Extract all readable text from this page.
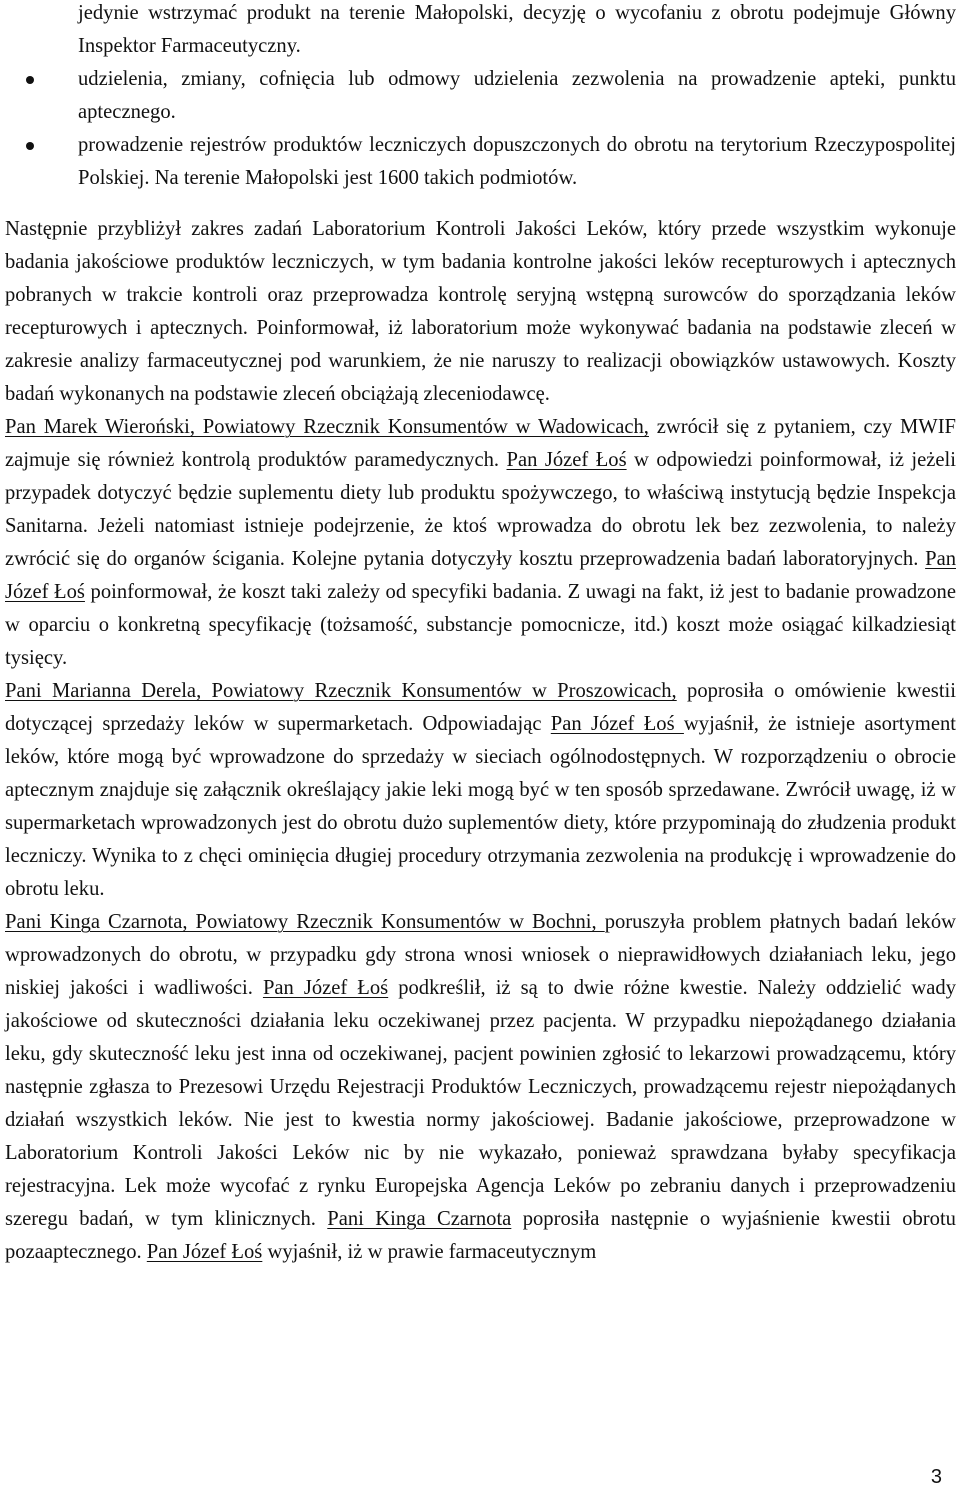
jedynie wstrzymać produkt na terenie Małopolski, decyzję o wycofaniu z obrotu podejmuje Główny Inspektor Farmaceutyczny.
udzielenia, zmiany, cofnięcia lub odmowy udzielenia zezwolenia na prowadzenie apteki, punktu aptecznego.
prowadzenie rejestrów produktów leczniczych dopuszczonych do obrotu na terytorium Rzeczypospolitej Polskiej. Na terenie Małopolski jest 1600 takich podmiotów.

Następnie przybliżył zakres zadań Laboratorium Kontroli Jakości Leków, który przede wszystkim wykonuje badania jakościowe produktów leczniczych, w tym badania kontrolne jakości leków recepturowych i aptecznych pobranych w trakcie kontroli oraz przeprowadza kontrolę seryjną wstępną surowców do sporządzania leków recepturowych i aptecznych. Poinformował, iż laboratorium może wykonywać badania na podstawie zleceń w zakresie analizy farmaceutycznej pod warunkiem, że nie naruszy to realizacji obowiązków ustawowych. Koszty badań wykonanych na podstawie zleceń obciążają zleceniodawcę.

Pan Marek Wieroński, Powiatowy Rzecznik Konsumentów w Wadowicach, zwrócił się z pytaniem, czy MWIF zajmuje się również kontrolą produktów paramedycznych. Pan Józef Łoś w odpowiedzi poinformował, iż jeżeli przypadek dotyczyć będzie suplementu diety lub produktu spożywczego, to właściwą instytucją będzie Inspekcja Sanitarna. Jeżeli natomiast istnieje podejrzenie, że ktoś wprowadza do obrotu lek bez zezwolenia, to należy zwrócić się do organów ścigania. Kolejne pytania dotyczyły kosztu przeprowadzenia badań laboratoryjnych. Pan Józef Łoś poinformował, że koszt taki zależy od specyfiki badania. Z uwagi na fakt, iż jest to badanie prowadzone w oparciu o konkretną specyfikację (tożsamość, substancje pomocnicze, itd.) koszt może osiągać kilkadziesiąt tysięcy.

Pani Marianna Derela, Powiatowy Rzecznik Konsumentów w Proszowicach, poprosiła o omówienie kwestii dotyczącej sprzedaży leków w supermarketach. Odpowiadając Pan Józef Łoś wyjaśnił, że istnieje asortyment leków, które mogą być wprowadzone do sprzedaży w sieciach ogólnodostępnych. W rozporządzeniu o obrocie aptecznym znajduje się załącznik określający jakie leki mogą być w ten sposób sprzedawane. Zwrócił uwagę, iż w supermarketach wprowadzonych jest do obrotu dużo suplementów diety, które przypominają do złudzenia produkt leczniczy. Wynika to z chęci ominięcia długiej procedury otrzymania zezwolenia na produkcję i wprowadzenie do obrotu leku.

Pani Kinga Czarnota, Powiatowy Rzecznik Konsumentów w Bochni, poruszyła problem płatnych badań leków wprowadzonych do obrotu, w przypadku gdy strona wnosi wniosek o nieprawidłowych działaniach leku, jego niskiej jakości i wadliwości. Pan Józef Łoś podkreślił, iż są to dwie różne kwestie. Należy oddzielić wady jakościowe od skuteczności działania leku oczekiwanej przez pacjenta. W przypadku niepożądanego działania leku, gdy skuteczność leku jest inna od oczekiwanej, pacjent powinien zgłosić to lekarzowi prowadzącemu, który następnie zgłasza to Prezesowi Urzędu Rejestracji Produktów Leczniczych, prowadzącemu rejestr niepożądanych działań wszystkich leków. Nie jest to kwestia normy jakościowej. Badanie jakościowe, przeprowadzone w Laboratorium Kontroli Jakości Leków nic by nie wykazało, ponieważ sprawdzana byłaby specyfikacja rejestracyjna. Lek może wycofać z rynku Europejska Agencja Leków po zebraniu danych i przeprowadzeniu szeregu badań, w tym klinicznych. Pani Kinga Czarnota poprosiła następnie o wyjaśnienie kwestii obrotu pozaaptecznego. Pan Józef Łoś wyjaśnił, iż w prawie farmaceutycznym

3
